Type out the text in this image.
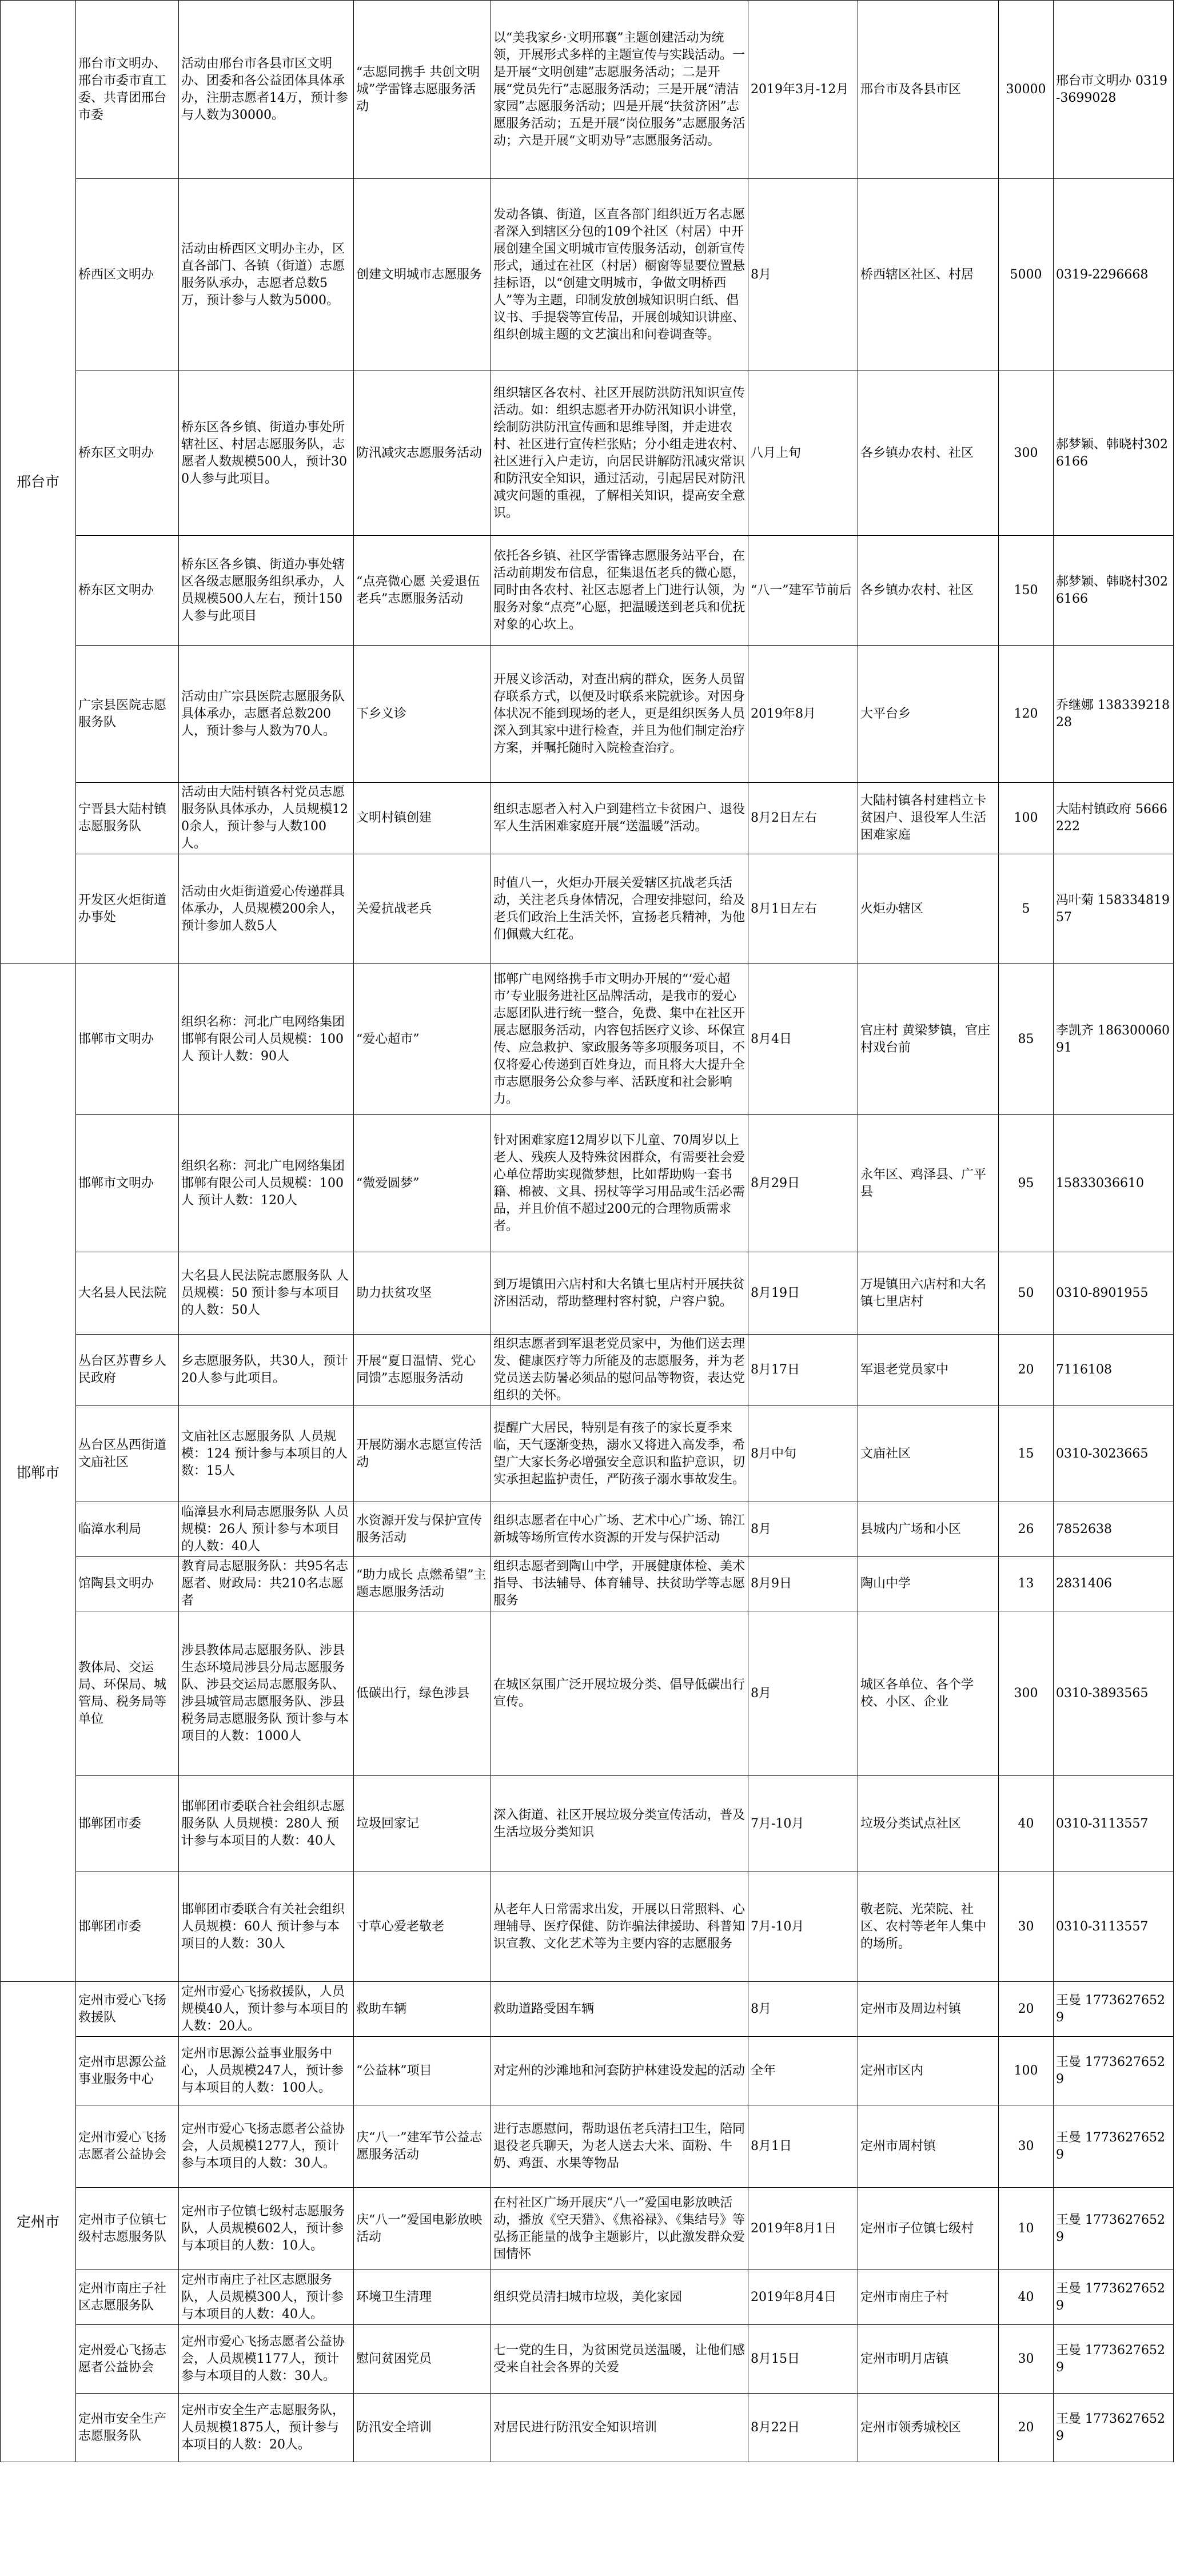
邢台市	邢台市文明办、邢台市委市直工委、共青团邢台市委	活动由邢台市各县市区文明办、团委和各公益团体具体承办，注册志愿者14万，预计参与人数为30000。	“志愿同携手 共创文明城”学雷锋志愿服务活动	以“美我家乡·文明邢襄”主题创建活动为统领，开展形式多样的主题宣传与实践活动。一是开展“文明创建”志愿服务活动；二是开展“党员先行”志愿服务活动；三是开展“清洁家园”志愿服务活动；四是开展“扶贫济困”志愿服务活动；五是开展“岗位服务”志愿服务活动；六是开展“文明劝导”志愿服务活动。	2019年3月-12月	邢台市及各县市区	30000	邢台市文明办 0319-3699028
	桥西区文明办	活动由桥西区文明办主办，区直各部门、各镇（街道）志愿服务队承办，志愿者总数5万，预计参与人数为5000。	创建文明城市志愿服务	发动各镇、街道，区直各部门组织近万名志愿者深入到辖区分包的109个社区（村居）中开展创建全国文明城市宣传服务活动，创新宣传形式，通过在社区（村居）橱窗等显要位置悬挂标语，以“创建文明城市，争做文明桥西人”等为主题，印制发放创城知识明白纸、倡议书、手提袋等宣传品，开展创城知识讲座、组织创城主题的文艺演出和问卷调查等。	8月	桥西辖区社区、村居	5000	0319-2296668
	桥东区文明办	桥东区各乡镇、街道办事处所辖社区、村居志愿服务队，志愿者人数规模500人，预计300人参与此项目。	防汛减灾志愿服务活动	组织辖区各农村、社区开展防洪防汛知识宣传活动。如：组织志愿者开办防汛知识小讲堂，绘制防洪防汛宣传画和思维导图，并走进农村、社区进行宣传栏张贴；分小组走进农村、社区进行入户走访，向居民讲解防汛减灾常识和防汛安全知识，通过活动，引起居民对防汛减灾问题的重视，了解相关知识，提高安全意识。	八月上旬	各乡镇办农村、社区	300	郝梦颖、韩晓村3026166
	桥东区文明办	桥东区各乡镇、街道办事处辖区各级志愿服务组织承办，人员规模500人左右，预计150人参与此项目	“点亮微心愿 关爱退伍老兵”志愿服务活动	依托各乡镇、社区学雷锋志愿服务站平台，在活动前期发布信息，征集退伍老兵的微心愿，同时由各农村、社区志愿者上门进行认领，为服务对象“点亮”心愿，把温暖送到老兵和优抚对象的心坎上。	“八一”建军节前后	各乡镇办农村、社区	150	郝梦颖、韩晓村3026166
	广宗县医院志愿服务队	活动由广宗县医院志愿服务队具体承办，志愿者总数200人，预计参与人数为70人。	下乡义诊	开展义诊活动，对查出病的群众，医务人员留存联系方式，以便及时联系来院就诊。对因身体状况不能到现场的老人，更是组织医务人员深入到其家中进行检查，并且为他们制定治疗方案，并嘱托随时入院检查治疗。	2019年8月	大平台乡	120	乔继娜 13833921828
	宁晋县大陆村镇志愿服务队	活动由大陆村镇各村党员志愿服务队具体承办，人员规模120余人，预计参与人数100人。	文明村镇创建	组织志愿者入村入户到建档立卡贫困户、退役军人生活困难家庭开展“送温暖”活动。	8月2日左右	大陆村镇各村建档立卡贫困户、退役军人生活困难家庭	100	大陆村镇政府 5666222
	开发区火炬街道办事处	活动由火炬街道爱心传递群具体承办，人员规模200余人，预计参加人数5人	关爱抗战老兵	时值八一，火炬办开展关爱辖区抗战老兵活动，关注老兵身体情况，合理安排慰问，给及老兵们政治上生活关怀，宣扬老兵精神，为他们佩戴大红花。	8月1日左右	火炬办辖区	5	冯叶菊 15833481957
邯郸市	邯郸市文明办	组织名称：河北广电网络集团邯郸有限公司人员规模：100人 预计人数：90人	“爱心超市”	邯郸广电网络携手市文明办开展的“‘爱心超市’专业服务进社区品牌活动，是我市的爱心志愿团队进行统一整合，免费、集中在社区开展志愿服务活动，内容包括医疗义诊、环保宣传、应急救护、家政服务等多项服务项目，不仅将爱心传递到百姓身边，而且将大大提升全市志愿服务公众参与率、活跃度和社会影响力。	8月4日	官庄村 黄梁梦镇，官庄村戏台前	85	李凯齐 18630006091
	邯郸市文明办	组织名称：河北广电网络集团邯郸有限公司人员规模：100人 预计人数：120人	“微爱圆梦”	针对困难家庭12周岁以下儿童、70周岁以上老人、残疾人及特殊贫困群众，有需要社会爱心单位帮助实现微梦想，比如帮助购一套书籍、棉被、文具、拐杖等学习用品或生活必需品，并且价值不超过200元的合理物质需求者。	8月29日	永年区、鸡泽县、广平县	95	15833036610
	大名县人民法院	大名县人民法院志愿服务队 人员规模：50 预计参与本项目的人数：50人	助力扶贫攻坚	到万堤镇田六店村和大名镇七里店村开展扶贫济困活动，帮助整理村容村貌，户容户貌。	8月19日	万堤镇田六店村和大名镇七里店村	50	0310-8901955
	丛台区苏曹乡人民政府	乡志愿服务队，共30人，预计20人参与此项目。	开展“夏日温情、党心同馈”志愿服务活动	组织志愿者到军退老党员家中，为他们送去理发、健康医疗等力所能及的志愿服务，并为老党员送去防暑必须品的慰问品等物资，表达党组织的关怀。	8月17日	军退老党员家中	20	7116108
	丛台区丛西街道文庙社区	文庙社区志愿服务队 人员规模：124 预计参与本项目的人数：15人	开展防溺水志愿宣传活动	提醒广大居民，特别是有孩子的家长夏季来临，天气逐渐变热，溺水又将进入高发季，希望广大家长务必增强安全意识和监护意识，切实承担起监护责任，严防孩子溺水事故发生。	8月中旬	文庙社区	15	0310-3023665
	临漳水利局	临漳县水利局志愿服务队 人员规模：26人 预计参与本项目的人数：40人	水资源开发与保护宣传服务活动	组织志愿者在中心广场、艺术中心广场、锦江新城等场所宣传水资源的开发与保护活动	8月	县城内广场和小区	26	7852638
	馆陶县文明办	教育局志愿服务队：共95名志愿者、财政局：共210名志愿者	“助力成长 点燃希望”主题志愿服务活动	组织志愿者到陶山中学，开展健康体检、美术指导、书法辅导、体育辅导、扶贫助学等志愿服务	8月9日	陶山中学	13	2831406
	教体局、交运局、环保局、城管局、税务局等单位	涉县教体局志愿服务队、涉县生态环境局涉县分局志愿服务队、涉县交运局志愿服务队、涉县城管局志愿服务队、涉县税务局志愿服务队 预计参与本项目的人数：1000人	低碳出行，绿色涉县	在城区氛围广泛开展垃圾分类、倡导低碳出行宣传。	8月	城区各单位、各个学校、小区、企业	300	0310-3893565
	邯郸团市委	邯郸团市委联合社会组织志愿服务队 人员规模：280人 预计参与本项目的人数：40人	垃圾回家记	深入街道、社区开展垃圾分类宣传活动，普及生活垃圾分类知识	7月-10月	垃圾分类试点社区	40	0310-3113557
	邯郸团市委	邯郸团市委联合有关社会组织 人员规模：60人 预计参与本项目的人数：30人	寸草心爱老敬老	从老年人日常需求出发，开展以日常照料、心理辅导、医疗保健、防诈骗法律援助、科普知识宣教、文化艺术等为主要内容的志愿服务	7月-10月	敬老院、光荣院、社区、农村等老年人集中的场所。	30	0310-3113557
定州市	定州市爱心飞扬救援队	定州市爱心飞扬救援队，人员规模40人，预计参与本项目的人数：20人。	救助车辆	救助道路受困车辆	8月	定州市及周边村镇	20	王曼 17736276529
	定州市思源公益事业服务中心	定州市思源公益事业服务中心，人员规模247人，预计参与本项目的人数：100人。	“公益林”项目	对定州的沙滩地和河套防护林建设发起的活动	全年	定州市区内	100	王曼 17736276529
	定州市爱心飞扬志愿者公益协会	定州市爱心飞扬志愿者公益协会，人员规模1277人，预计参与本项目的人数：30人。	庆“八一”建军节公益志愿服务活动	进行志愿慰问，帮助退伍老兵清扫卫生，陪同退役老兵聊天，为老人送去大米、面粉、牛奶、鸡蛋、水果等物品	8月1日	定州市周村镇	30	王曼 17736276529
	定州市子位镇七级村志愿服务队	定州市子位镇七级村志愿服务队，人员规模602人，预计参与本项目的人数：10人。	庆“八一”爱国电影放映活动	在村社区广场开展庆“八一”爱国电影放映活动，播放《空天猎》、《焦裕禄》、《集结号》等弘扬正能量的战争主题影片，以此激发群众爱国情怀	2019年8月1日	定州市子位镇七级村	10	王曼 17736276529
	定州市南庄子社区志愿服务队	定州市南庄子社区志愿服务队，人员规模300人，预计参与本项目的人数：40人。	环境卫生清理	组织党员清扫城市垃圾，美化家园	2019年8月4日	定州市南庄子村	40	王曼 17736276529
	定州爱心飞扬志愿者公益协会	定州市爱心飞扬志愿者公益协会，人员规模1177人，预计参与本项目的人数：30人。	慰问贫困党员	七一党的生日，为贫困党员送温暖，让他们感受来自社会各界的关爱	8月15日	定州市明月店镇	30	王曼 17736276529
	定州市安全生产志愿服务队	定州市安全生产志愿服务队，人员规模1875人，预计参与本项目的人数：20人。	防汛安全培训	对居民进行防汛安全知识培训	8月22日	定州市领秀城校区	20	王曼 17736276529
